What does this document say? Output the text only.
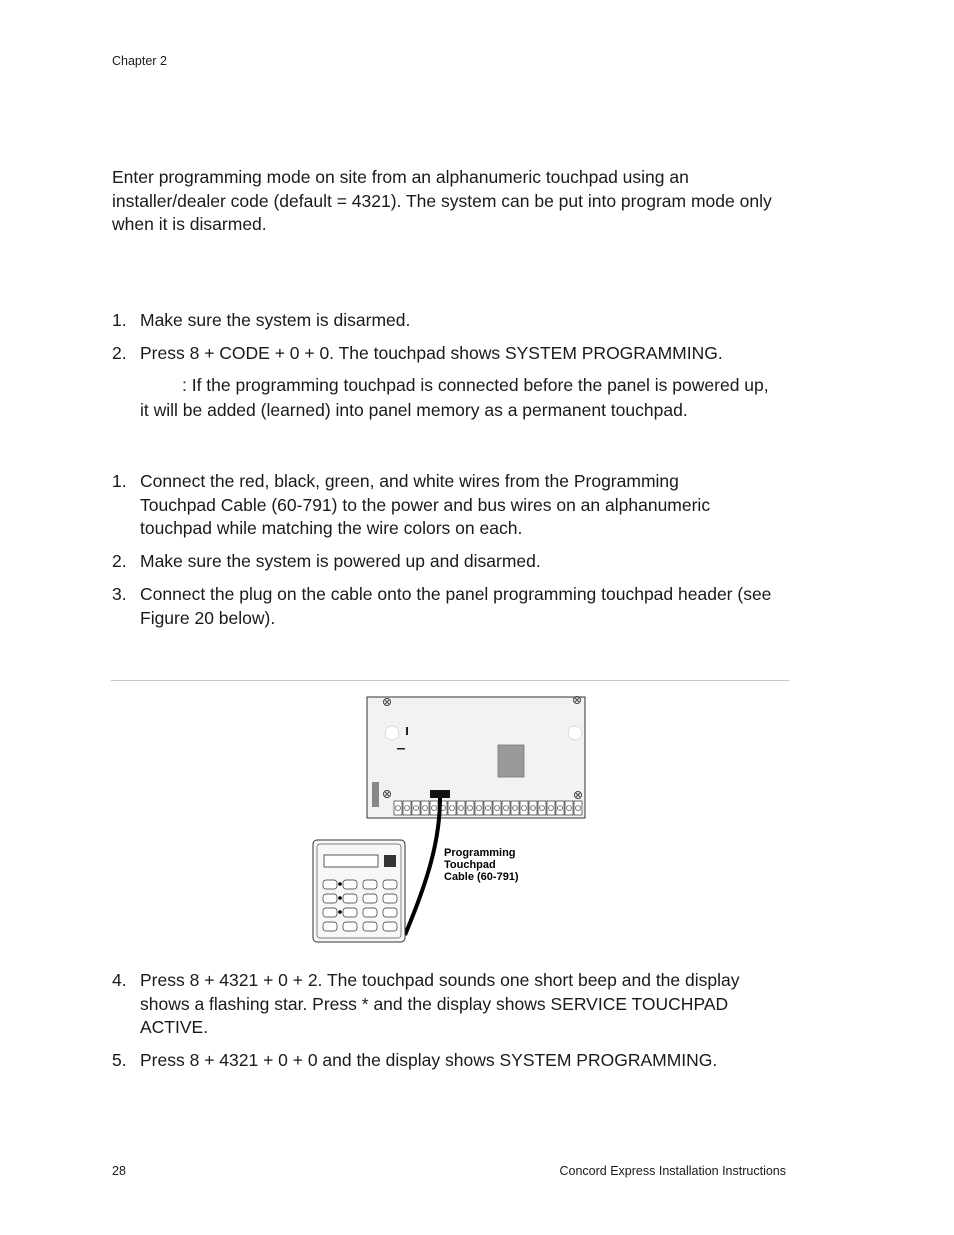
Chapter 2
Enter programming mode on site from an alphanumeric touchpad using an installer/dealer code (default = 4321). The system can be put into program mode only when it is disarmed.
1. Make sure the system is disarmed.
2. Press 8 + CODE + 0 + 0. The touchpad shows SYSTEM PROGRAMMING.
: If the programming touchpad is connected before the panel is powered up, it will be added (learned) into panel memory as a permanent touchpad.
1. Connect the red, black, green, and white wires from the Programming Touchpad Cable (60-791) to the power and bus wires on an alphanumeric touchpad while matching the wire colors on each.
2. Make sure the system is powered up and disarmed.
3. Connect the plug on the cable onto the panel programming touchpad header (see Figure 20 below).
Programming
Touchpad
Cable (60-791)
4. Press 8 + 4321 + 0 + 2. The touchpad sounds one short beep and the display shows a flashing star. Press * and the display shows SERVICE TOUCHPAD ACTIVE.
5. Press 8 + 4321 + 0 + 0 and the display shows SYSTEM PROGRAMMING.
28	Concord Express Installation Instructions
